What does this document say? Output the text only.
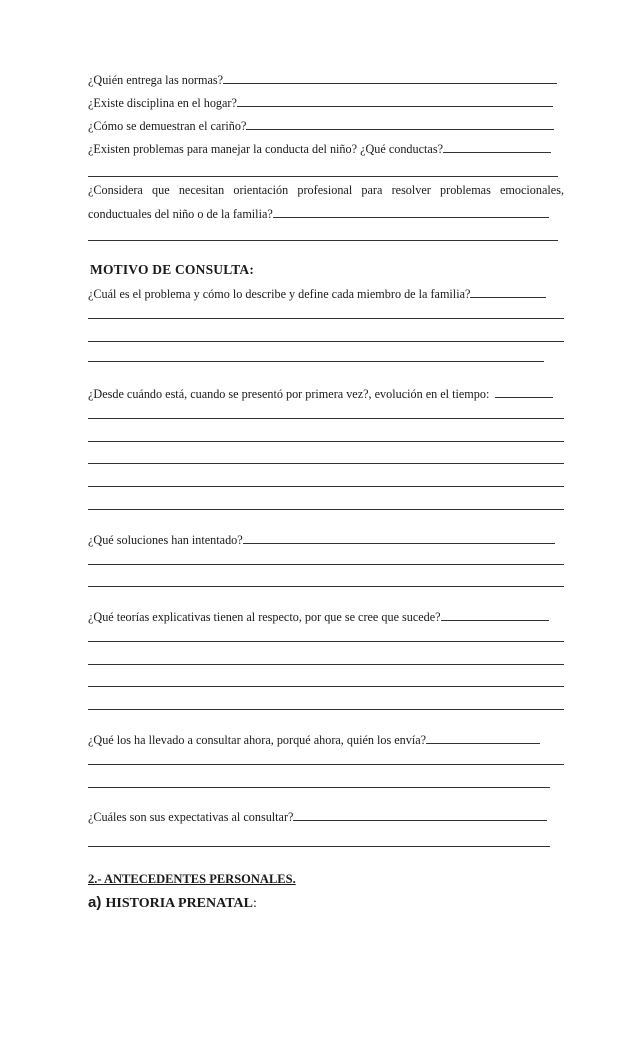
¿Quién entrega las normas?
¿Existe disciplina en el hogar?
¿Cómo se demuestran el cariño?
¿Existen problemas para manejar la conducta del niño? ¿Qué conductas?
¿Considera que necesitan orientación profesional para resolver problemas emocionales,
conductuales del niño o de la familia?
MOTIVO DE CONSULTA:
¿Cuál es el problema y cómo lo describe y define cada miembro de la familia?
¿Desde cuándo está, cuando se presentó por primera vez?, evolución en el tiempo:
¿Qué soluciones han intentado?
¿Qué teorías explicativas tienen al respecto, por que se cree que sucede?
¿Qué los ha llevado a consultar ahora, porqué ahora, quién los envía?
¿Cuáles son sus expectativas al consultar?
2.- ANTECEDENTES PERSONALES.
a) HISTORIA PRENATAL:
